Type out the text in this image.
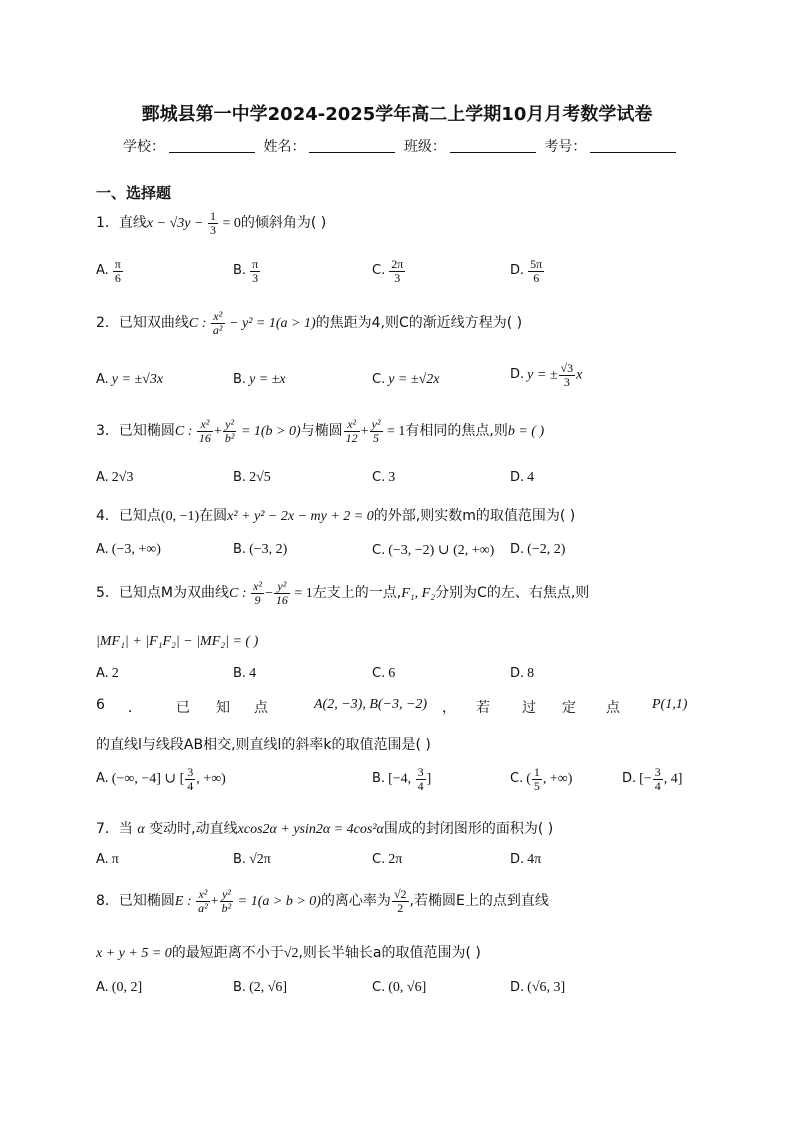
鄄城县第一中学2024-2025学年高二上学期10月月考数学试卷
学校：	姓名：	班级：	考号：
一、选择题
1．直线$x - √3y - \frac{1}{3} = 0$的倾斜角为( )
A. $\frac{\pi}{6}$	B. $\frac{\pi}{3}$	C. $\frac{2\pi}{3}$	D. $\frac{5\pi}{6}$
2．已知双曲线C : $\frac{\text{x²}}{\text{a²}} - y^2 = 1(a > 1)$的焦距为4,则C的渐近线方程为( )
A. y = ±√3x	B. y = ±x	C. y = ±√2x	D. y = ± $\frac{√3}{3}$ x
3．已知椭圆C : $\frac{\text{x²}}{16} + \frac{\text{y²}}{\text{b²}} = 1(b > 0)$与椭圆 $\frac{\text{x²}}{12} + \frac{\text{y²}}{5} = 1$有相同的焦点,则b = ( )
A. 2√3	B. 2√5	C. 3	D. 4
4．已知点(0, −1)在圆x² + y² − 2x − my + 2 = 0的外部,则实数m的取值范围为( )
A. (−3, +∞)	B. (−3, 2)	C. (−3, −2) ∪ (2, +∞) D. (−2, 2)
5．已知点M为双曲线C : $\frac{\text{x²}}{9} - \frac{\text{y²}}{16} = 1$左支上的一点,F₁, F₂分别为C的左、右焦点,则
|MF₁| + |F₁F₂| − |MF₂| = ( )
A. 2	B. 4	C. 6	D. 8
6 ． 已 知 点	A(2, −3), B(−3, −2) ， 若 过 定 点 P(1,1)
的直线l与线段AB相交,则直线l的斜率k的取值范围是( )
A. (−∞, −4] ∪ [ $\frac{3}{4}$ , +∞)	B. [−4, $\frac{3}{4}$ ]	C. ( $\frac{1}{5}$ , +∞)	D. [− $\frac{3}{4}$ , 4]
7．当 α 变动时,动直线xcos2α + ysin2α = 4cos²α围成的封闭图形的面积为( )
A. π	B. √2π	C. 2π	D. 4π
8．已知椭圆E : $\frac{\text{x²}}{\text{a²}} + \frac{\text{y²}}{\text{b²}} = 1(a > b > 0)$的离心率为 $\frac{√2}{2}$ ,若椭圆E上的点到直线
x + y + 5 = 0的最短距离不小于√2,则长半轴长a的取值范围为( )
A. (0, 2]	B. (2, √6]	C. (0, √6]	D. (√6, 3]
